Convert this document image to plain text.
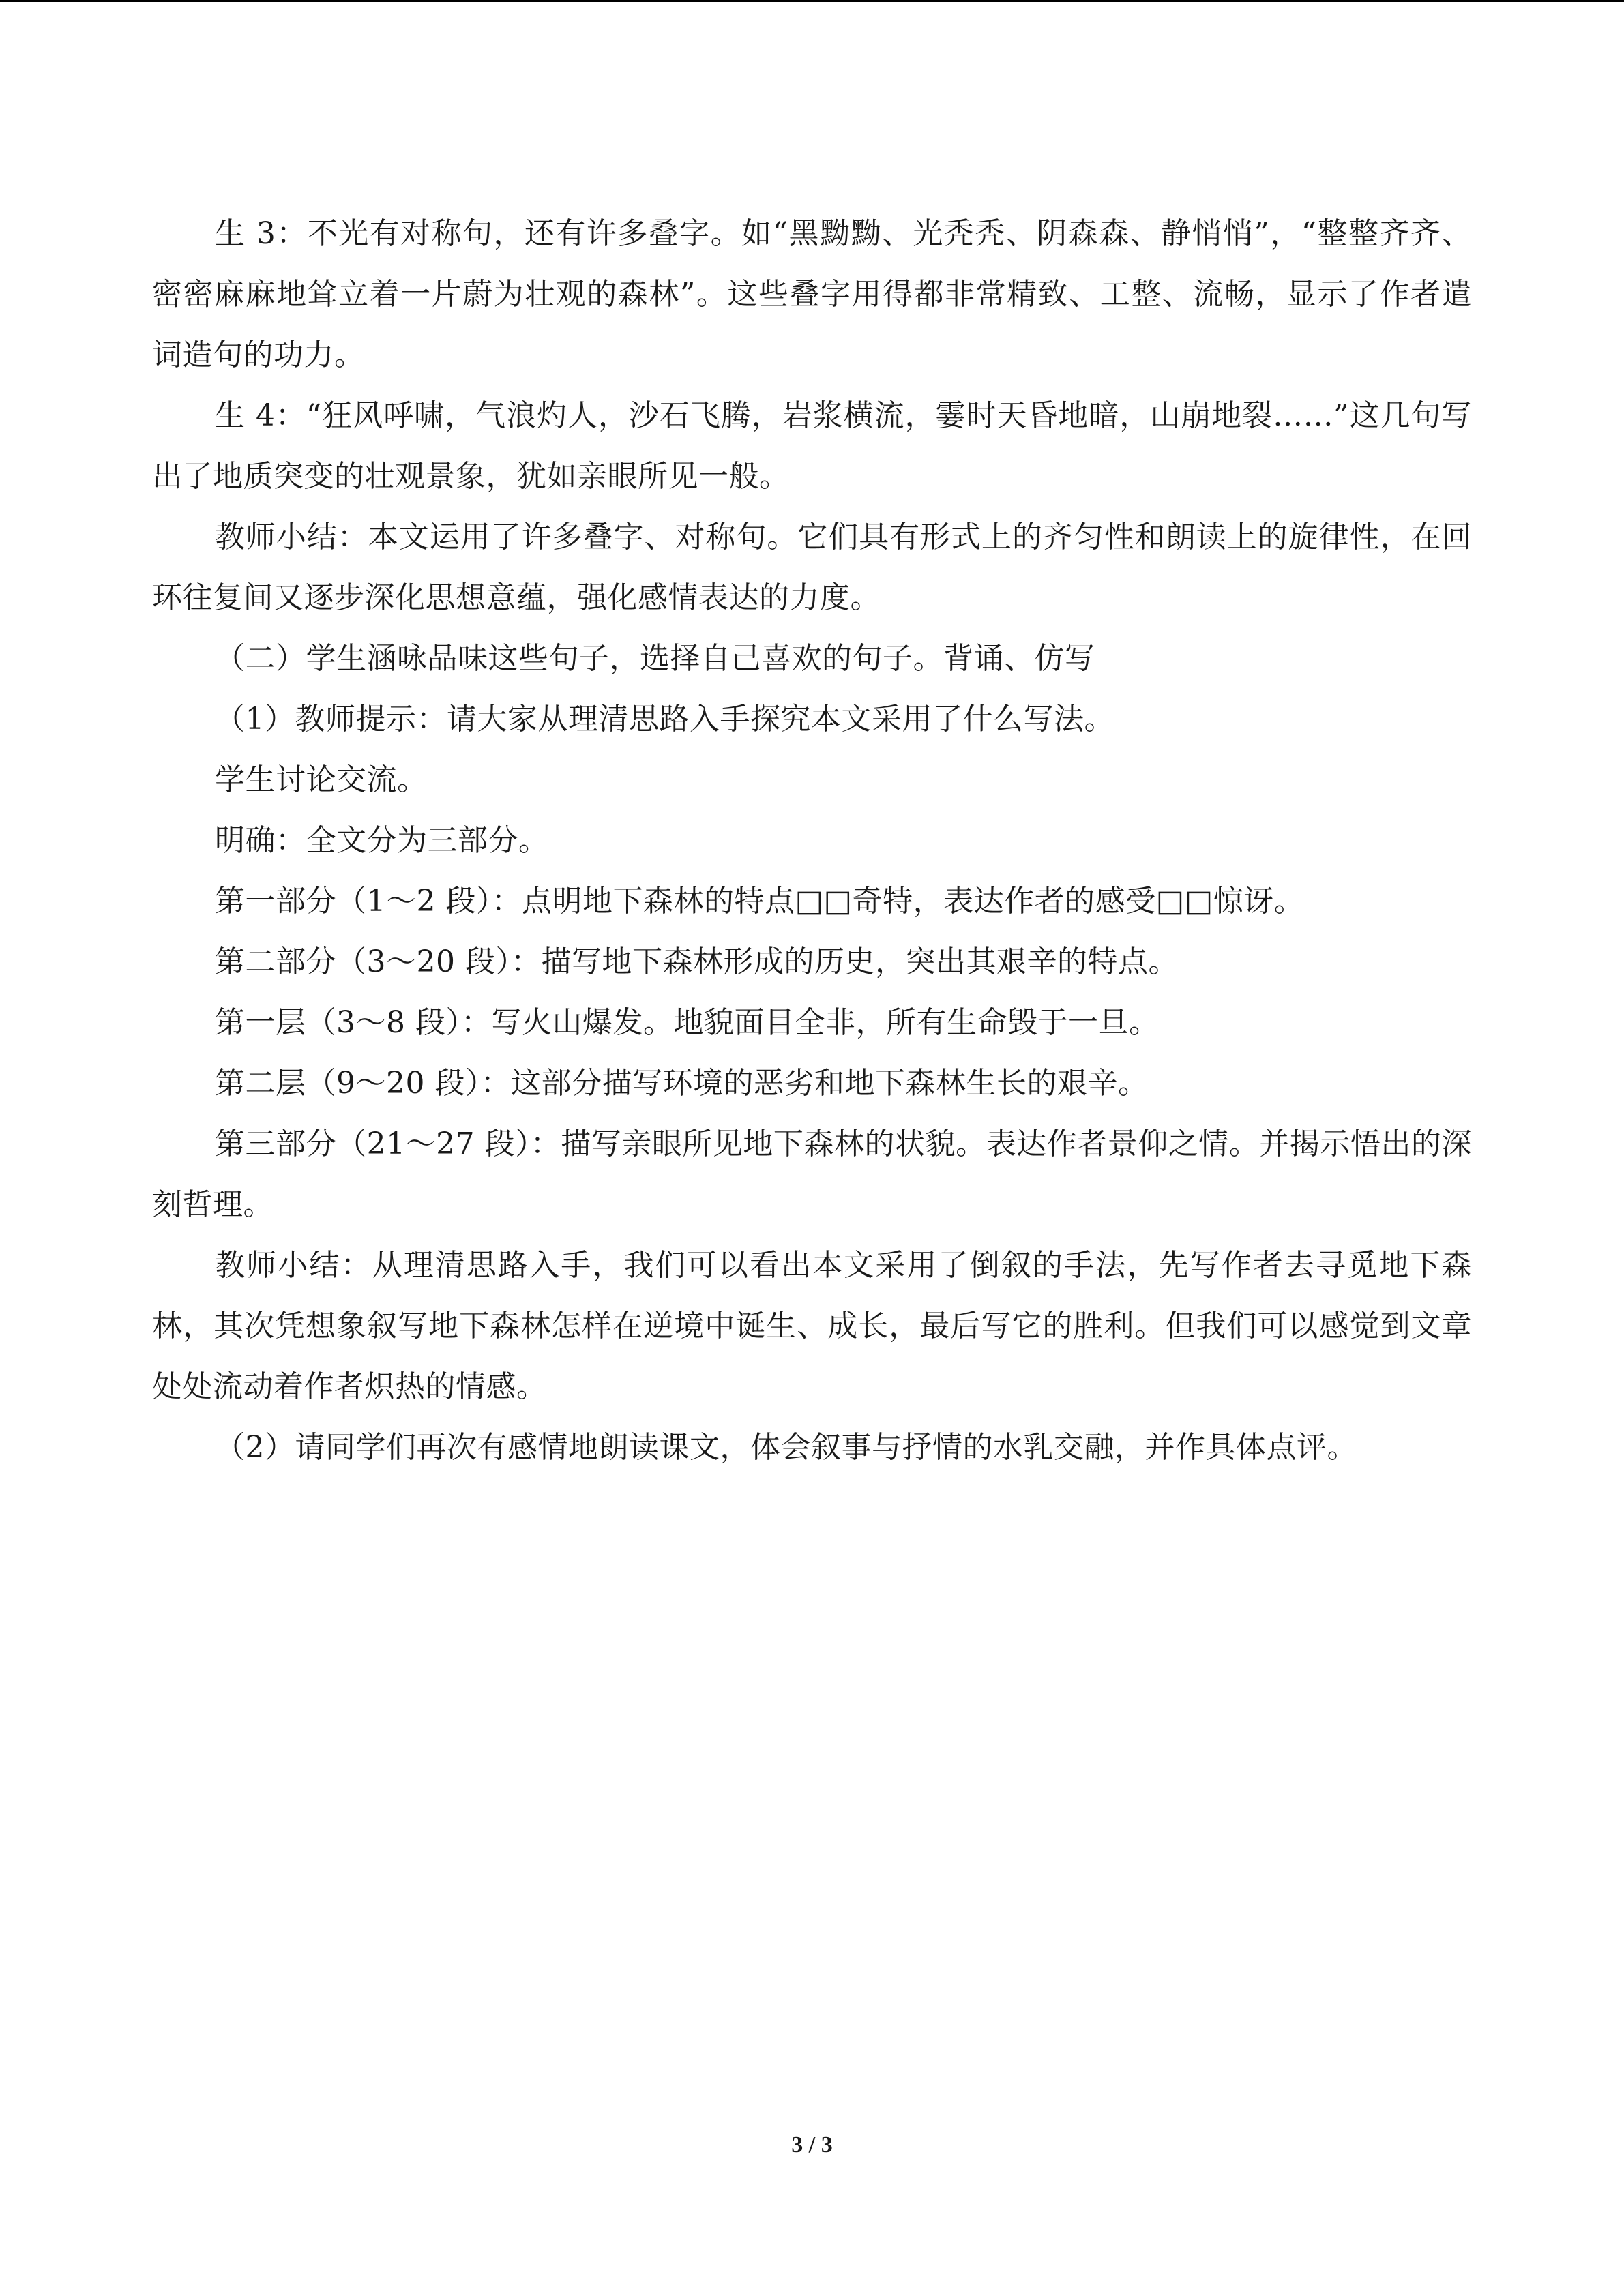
生 3：不光有对称句，还有许多叠字。如“黑黝黝、光秃秃、阴森森、静悄悄”，“整整齐齐、密密麻麻地耸立着一片蔚为壮观的森林”。这些叠字用得都非常精致、工整、流畅，显示了作者遣词造句的功力。

生 4：“狂风呼啸，气浪灼人，沙石飞腾，岩浆横流，霎时天昏地暗，山崩地裂……”这几句写出了地质突变的壮观景象，犹如亲眼所见一般。

教师小结：本文运用了许多叠字、对称句。它们具有形式上的齐匀性和朗读上的旋律性，在回环往复间又逐步深化思想意蕴，强化感情表达的力度。

（二）学生涵咏品味这些句子，选择自己喜欢的句子。背诵、仿写

（1）教师提示：请大家从理清思路入手探究本文采用了什么写法。

学生讨论交流。

明确：全文分为三部分。

第一部分（1～2 段）：点明地下森林的特点□□奇特，表达作者的感受□□惊讶。

第二部分（3～20 段）：描写地下森林形成的历史，突出其艰辛的特点。

第一层（3～8 段）：写火山爆发。地貌面目全非，所有生命毁于一旦。

第二层（9～20 段）：这部分描写环境的恶劣和地下森林生长的艰辛。

第三部分（21～27 段）：描写亲眼所见地下森林的状貌。表达作者景仰之情。并揭示悟出的深刻哲理。

教师小结：从理清思路入手，我们可以看出本文采用了倒叙的手法，先写作者去寻觅地下森林，其次凭想象叙写地下森林怎样在逆境中诞生、成长，最后写它的胜利。但我们可以感觉到文章处处流动着作者炽热的情感。

（2）请同学们再次有感情地朗读课文，体会叙事与抒情的水乳交融，并作具体点评。

3 / 3
